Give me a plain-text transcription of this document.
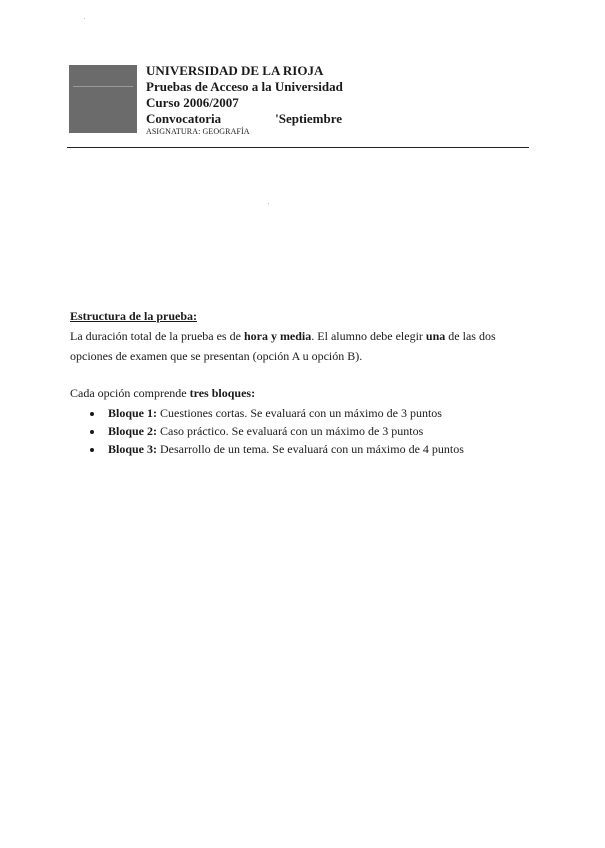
UNIVERSIDAD DE LA RIOJA
Pruebas de Acceso a la Universidad
Curso 2006/2007
Convocatoria	'Septiembre
ASIGNATURA: GEOGRAFÍA

Estructura de la prueba:

La duración total de la prueba es de hora y media. El alumno debe elegir una de las dos
opciones de examen que se presentan (opción A u opción B).

Cada opción comprende tres bloques:

Bloque 1: Cuestiones cortas. Se evaluará con un máximo de 3 puntos
Bloque 2: Caso práctico. Se evaluará con un máximo de 3 puntos
Bloque 3: Desarrollo de un tema. Se evaluará con un máximo de 4 puntos
